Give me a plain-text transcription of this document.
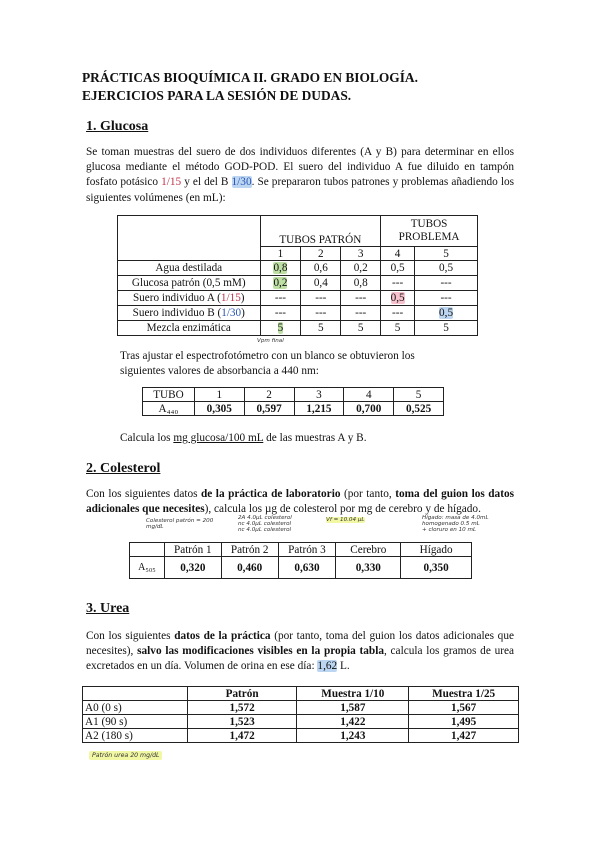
PRÁCTICAS BIOQUÍMICA II. GRADO EN BIOLOGÍA.
EJERCICIOS PARA LA SESIÓN DE DUDAS.
1. Glucosa
Se toman muestras del suero de dos individuos diferentes (A y B) para determinar en ellos glucosa mediante el método GOD-POD. El suero del individuo A fue diluido en tampón fosfato potásico 1/15 y el del B 1/30. Se prepararon tubos patrones y problemas añadiendo los siguientes volúmenes (en mL):
	TUBOS PATRÓN			TUBOS PROBLEMA	
	1	2	3	4	5
Agua destilada	0,8	0,6	0,2	0,5	0,5
Glucosa patrón (0,5 mM)	0,2	0,4	0,8	---	---
Suero individuo A (1/15)	---	---	---	0,5	---
Suero individuo B (1/30)	---	---	---	---	0,5
Mezcla enzimática	5	5	5	5	5
Vpm final
Tras ajustar el espectrofotómetro con un blanco se obtuvieron los siguientes valores de absorbancia a 440 nm:
TUBO	1	2	3	4	5
A₄₄₀	0,305	0,597	1,215	0,700	0,525
Calcula los mg glucosa/100 mL de las muestras A y B.
2. Colesterol
Con los siguientes datos de la práctica de laboratorio (por tanto, toma del guion los datos adicionales que necesites), calcula los µg de colesterol por mg de cerebro y de hígado.
Colesterol patrón = 200 mg/dL
2A 4.0μL colesterol
nc 4.0μL colesterol
nc 4.0μL colesterol
Vf = 10.04 μL	Hígado: masa de 4.0mL
homogenado 0.5 mL
+ cloruro en 10 mL
	Patrón 1	Patrón 2	Patrón 3	Cerebro	Hígado
A₅₀₅	0,320	0,460	0,630	0,330	0,350
3. Urea
Con los siguientes datos de la práctica (por tanto, toma del guion los datos adicionales que necesites), salvo las modificaciones visibles en la propia tabla, calcula los gramos de urea excretados en un día. Volumen de orina en ese día: 1,62 L.
	Patrón	Muestra 1/10	Muestra 1/25
A0 (0 s)	1,572	1,587	1,567
A1 (90 s)	1,523	1,422	1,495
A2 (180 s)	1,472	1,243	1,427
Patrón urea 20 mg/dL
